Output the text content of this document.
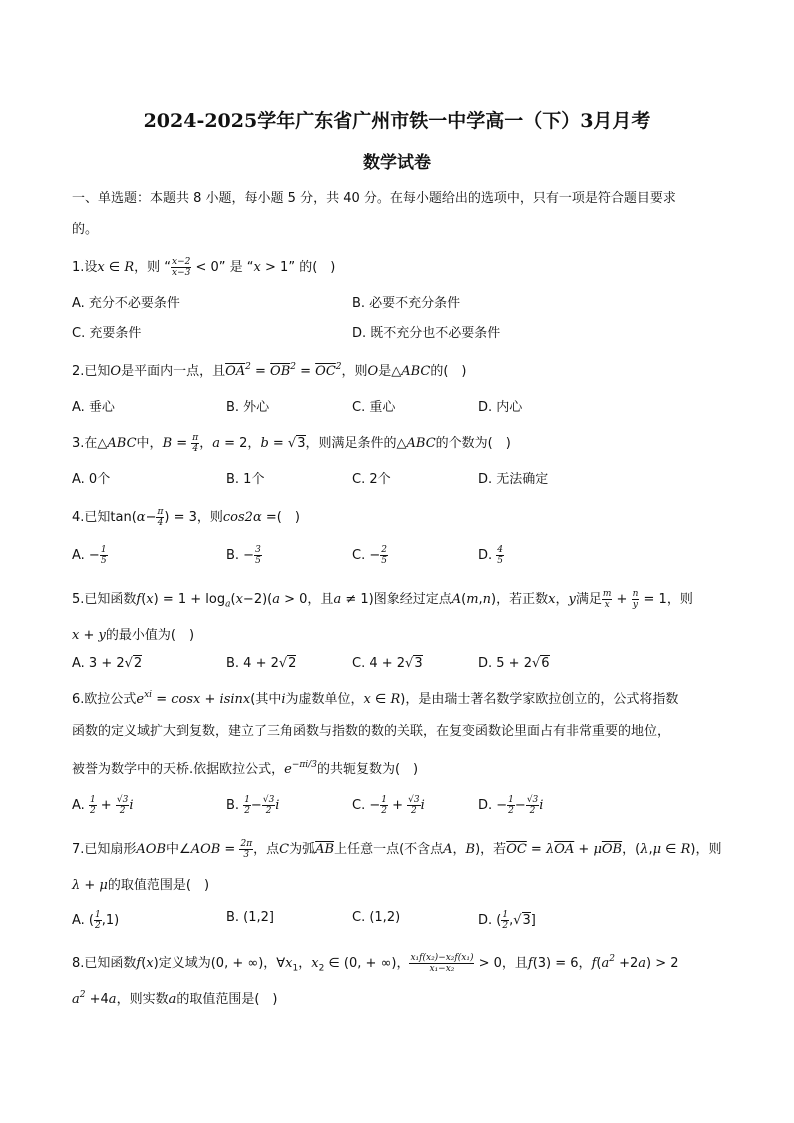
2024-2025学年广东省广州市铁一中学高一（下）3月月考
数学试卷
一、单选题：本题共 8 小题，每小题 5 分，共 40 分。在每小题给出的选项中，只有一项是符合题目要求
的。
1.设x ∈ R，则 “ $\frac{x-2}{x-3} < 0$” 是 “x > 1” 的(　)
A. 充分不必要条件	B. 必要不充分条件
C. 充要条件	D. 既不充分也不必要条件
2.已知O是平面内一点，且$\overline{OA}^2 = \overline{OB}^2 = \overline{OC}^2$，则O是△ABC的(　)
A. 垂心	B. 外心	C. 重心	D. 内心
3.在△ABC中，$B = \frac{\pi}{4}$ ，a = 2，b = √3，则满足条件的△ABC的个数为(　)
A. 0个	B. 1个	C. 2个	D. 无法确定
4.已知$\tan(\alpha- \frac{\pi}{4}$ ) = 3，则cos2α =(　)
A. − $\frac{1}{5}$	B. − $\frac{3}{5}$	C. − $\frac{2}{5}$	D. $\frac{4}{5}$
5.已知函数$f(x) = 1 + \log_a(x-2)(a > 0$，且a ≠ 1)图象经过定点A(m,n)，若正数x，y满足 $\frac{m}{x} + \frac{n}{y} = 1$，则
x + y的最小值为(　)
A. 3 + 2√2	B. 4 + 2√2	C. 4 + 2√3	D. 5 + 2√6
6.欧拉公式$e^{xi} = \cos x + isinx$(其中i为虚数单位，x ∈ R)，是由瑞士著名数学家欧拉创立的，公式将指数
函数的定义域扩大到复数，建立了三角函数与指数的数的关联，在复变函数论里面占有非常重要的地位，
被誉为数学中的天桥.依据欧拉公式，$e^{-\pi i/3}$的共轭复数为(　)
A. $\frac{1}{2} + \frac{√3}{2}$ i	B. $\frac{1}{2} - \frac{√3}{2}$ i	C. − $\frac{1}{2} + \frac{√3}{2}$ i	D. − $\frac{1}{2} - \frac{√3}{2}$ i
7.已知扇形AOB中∠AOB = $\frac{2\pi}{3}$ ，点C为弧$\overline{AB}$上任意一点(不含点A，B)，若$\overline{OC} = \lambda\overline{OA} + \mu\overline{OB}$，(λ,μ ∈ R)，则
λ + μ的取值范围是(　)
A. ( $\frac{1}{2} ,1$)	B. (1,2]	C. (1,2)	D. ( $\frac{1}{2} ,√3$]
8.已知函数f(x)定义域为(0, + ∞)，$\forall x_1$，$x_2$ ∈ (0, + ∞)， $\frac{\text{x₁f(x₂)−x₂f(x₁)}}{\text{x₁−x₂}} > 0$，且f(3) = 6，$f(a^2 +2a) > 2$
$a^2 +4a$，则实数a的取值范围是(　)
